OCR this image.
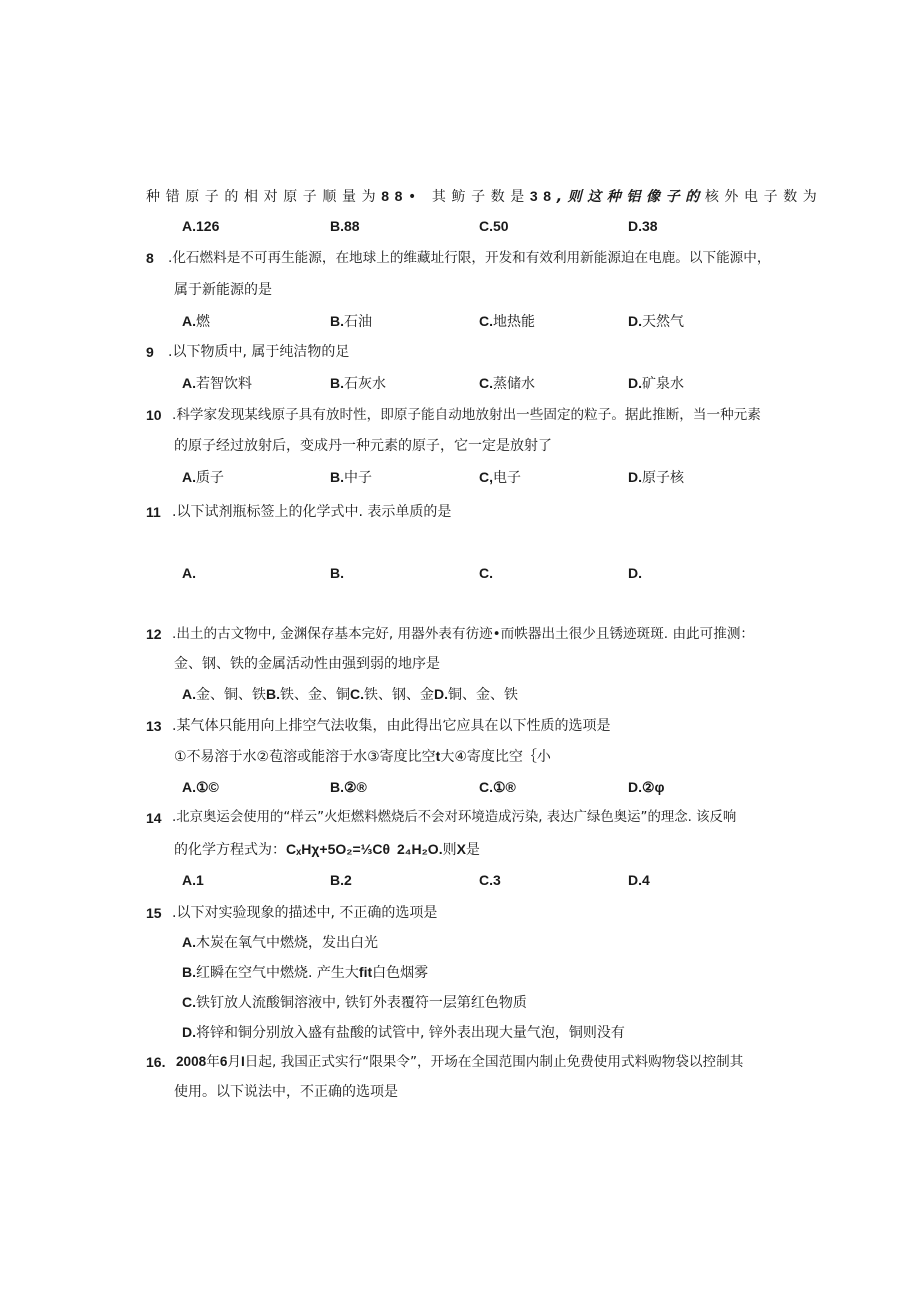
种错原子的相对原子顺量为88• 其鲂子数是38,则这种铝像子的核外电子数为
A.126	B.88	C.50	D.38
8 .化石燃料是不可再生能源，在地球上的维藏址行限，开发和有效利用新能源迫在电鹿。以下能源中，
属于新能源的是
A.燃	B.石油	C.地热能	D.天然气
9 .以下物质中, 属于纯洁物的足
A.若智饮料	B.石灰水	C.蒸储水	D.矿泉水
10 .科学家发现某线原子具有放时性，即原子能自动地放射出一些固定的粒子。据此推断，当一种元素
的原子经过放射后，变成丹一种元素的原子，它一定是放射了
A.质子	B.中子	C,电子	D.原子核
11 .以下试剂瓶标签上的化学式中. 表示单质的是
A.	B.	C.	D.
12 .出土的古文物中, 金渊保存基本完好, 用器外表有彷迹•而帙器出土很少且锈迹斑斑. 由此可推测：
金、钢、铁的金属活动性由强到弱的地序是
A.金、铜、铁B.铁、金、铜C.铁、钢、金D.铜、金、铁
13 .某气体只能用向上排空气法收集，由此得出它应具在以下性质的选项是
①不易溶于水②苞溶或能溶于水③寄度比空t大④寄度比空｛小
A.①©	B.②®	C.①®	D.②φ
14 .北京奥运会使用的“样云”火炬燃料燃烧后不会对环境造成污染, 表达广绿色奥运”的理念. 该反响
的化学方程式为：CₓHχ+5O₂=⅓Cθ 2₄H₂O.则X是
A.1	B.2	C.3	D.4
15 .以下对实验现象的描述中, 不正确的选项是
A.木炭在氧气中燃烧，发出白光
B.红瞬在空气中燃烧. 产生大fit白色烟雾
C.铁钉放人流酸铜溶液中, 铁钉外表覆符一层第红色物质
D.将锌和铜分别放入盛有盐酸的试管中, 锌外表出现大量气泡，铜则没有
16. 2008年6月I日起, 我国正式实行“限果令”，开场在全国范围内制止免费使用式料购物袋以控制其
使用。以下说法中，不正确的选项是
